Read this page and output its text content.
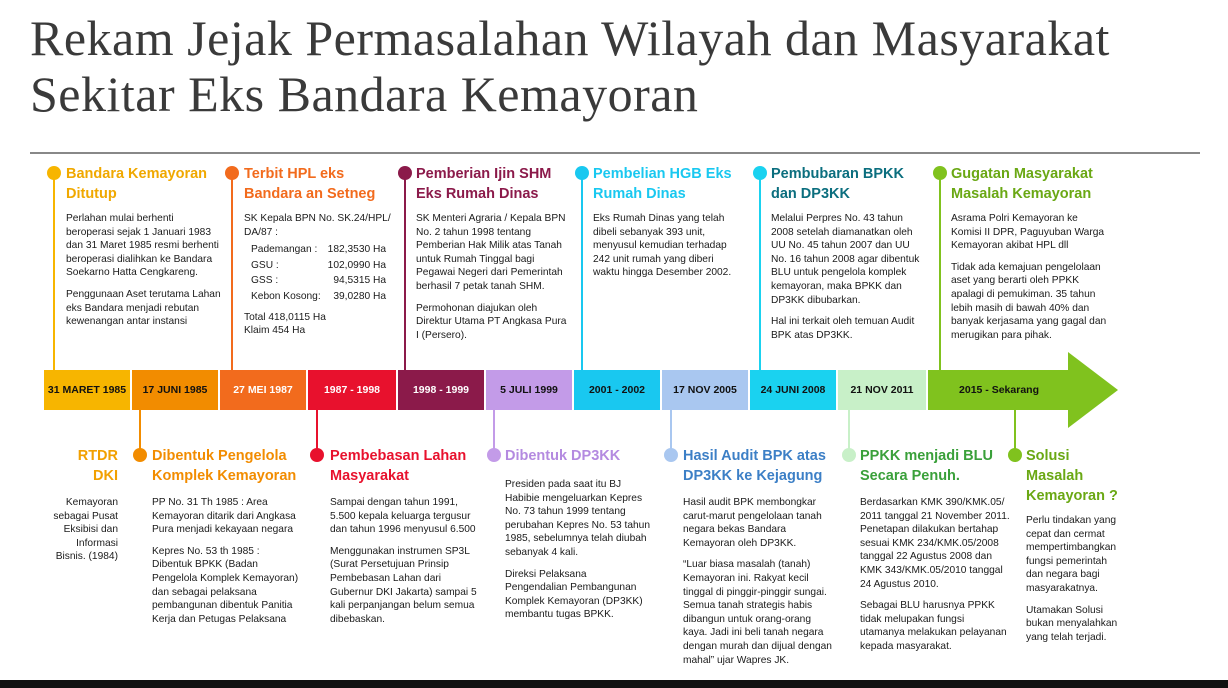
Rekam Jejak Permasalahan Wilayah dan Masyarakat Sekitar Eks Bandara Kemayoran
31 MARET 1985	17 JUNI 1985	27 MEI 1987	1987 - 1998	1998 - 1999	5 JULI 1999	2001 - 2002	17 NOV 2005	24 JUNI 2008	21 NOV 2011	2015 - Sekarang
Bandara Kemayoran Ditutup

Perlahan mulai berhenti beroperasi sejak 1 Januari 1983 dan 31 Maret 1985 resmi berhenti beroperasi dialihkan ke Bandara Soekarno Hatta Cengkareng.

Penggunaan Aset terutama Lahan eks Bandara menjadi rebutan kewenangan antar instansi

Terbit HPL eks Bandara an Setneg

SK Kepala BPN No. SK.24/HPL/ DA/87 :

Pademangan :	182,3530 Ha
GSU :	102,0990 Ha
GSS :	94,5315 Ha
Kebon Kosong:	39,0280 Ha

Total 418,0115 Ha

Klaim 454 Ha

Pemberian Ijin SHM Eks Rumah Dinas

SK Menteri Agraria / Kepala BPN No. 2 tahun 1998 tentang Pemberian Hak Milik atas Tanah untuk Rumah Tinggal bagi Pegawai Negeri dari Pemerintah berhasil 7 petak tanah SHM.

Permohonan diajukan oleh Direktur Utama PT Angkasa Pura I (Persero).

Pembelian HGB Eks Rumah Dinas

Eks Rumah Dinas yang telah dibeli sebanyak 393 unit, menyusul kemudian terhadap 242 unit rumah yang diberi waktu hingga Desember 2002.

Pembubaran BPKK dan DP3KK

Melalui Perpres No. 43 tahun 2008 setelah diamanatkan oleh UU No. 45 tahun 2007 dan UU No. 16 tahun 2008 agar dibentuk BLU untuk pengelola komplek kemayoran, maka BPKK dan DP3KK dibubarkan.

Hal ini terkait oleh temuan Audit BPK atas DP3KK.

Gugatan Masyarakat Masalah Kemayoran

Asrama Polri Kemayoran ke Komisi II DPR, Paguyuban Warga Kemayoran akibat HPL dll

Tidak ada kemajuan pengelolaan aset yang berarti oleh PPKK apalagi di pemukiman. 35 tahun lebih masih di bawah 40% dan banyak kerjasama yang gagal dan merugikan para pihak.

RTDR DKI

Kemayoran sebagai Pusat Eksibisi dan Informasi Bisnis. (1984)

Dibentuk Pengelola Komplek Kemayoran

PP No. 31 Th 1985 : Area Kemayoran ditarik dari Angkasa Pura menjadi kekayaan negara

Kepres No. 53 th 1985 : Dibentuk BPKK (Badan Pengelola Komplek Kemayoran) dan sebagai pelaksana pembangunan dibentuk Panitia Kerja dan Petugas Pelaksana

Pembebasan Lahan Masyarakat

Sampai dengan tahun 1991, 5.500 kepala keluarga tergusur dan tahun 1996 menyusul 6.500

Menggunakan instrumen SP3L (Surat Persetujuan Prinsip Pembebasan Lahan dari Gubernur DKI Jakarta) sampai 5 kali perpanjangan belum semua dibebaskan.

Dibentuk DP3KK

Presiden pada saat itu BJ Habibie mengeluarkan Kepres No. 73 tahun 1999 tentang perubahan Kepres No. 53 tahun 1985, sebelumnya telah diubah sebanyak 4 kali.

Direksi Pelaksana Pengendalian Pembangunan Komplek Kemayoran (DP3KK) membantu tugas BPKK.

Hasil Audit BPK atas DP3KK ke Kejagung

Hasil audit BPK membongkar carut-marut pengelolaan tanah negara bekas Bandara Kemayoran oleh DP3KK.

“Luar biasa masalah (tanah) Kemayoran ini. Rakyat kecil tinggal di pinggir-pinggir sungai. Semua tanah strategis habis dibangun untuk orang-orang kaya. Jadi ini beli tanah negara dengan murah dan dijual dengan mahal” ujar Wapres JK.

PPKK menjadi BLU Secara Penuh.

Berdasarkan KMK 390/KMK.05/ 2011 tanggal 21 November 2011. Penetapan dilakukan bertahap sesuai KMK 234/KMK.05/2008 tanggal 22 Agustus 2008 dan KMK 343/KMK.05/2010 tanggal 24 Agustus 2010.

Sebagai BLU harusnya PPKK tidak melupakan fungsi utamanya melakukan pelayanan kepada masyarakat.

Solusi Masalah Kemayoran ?

Perlu tindakan yang cepat dan cermat mempertimbangkan fungsi pemerintah dan negara bagi masyarakatnya.

Utamakan Solusi bukan menyalahkan yang telah terjadi.
